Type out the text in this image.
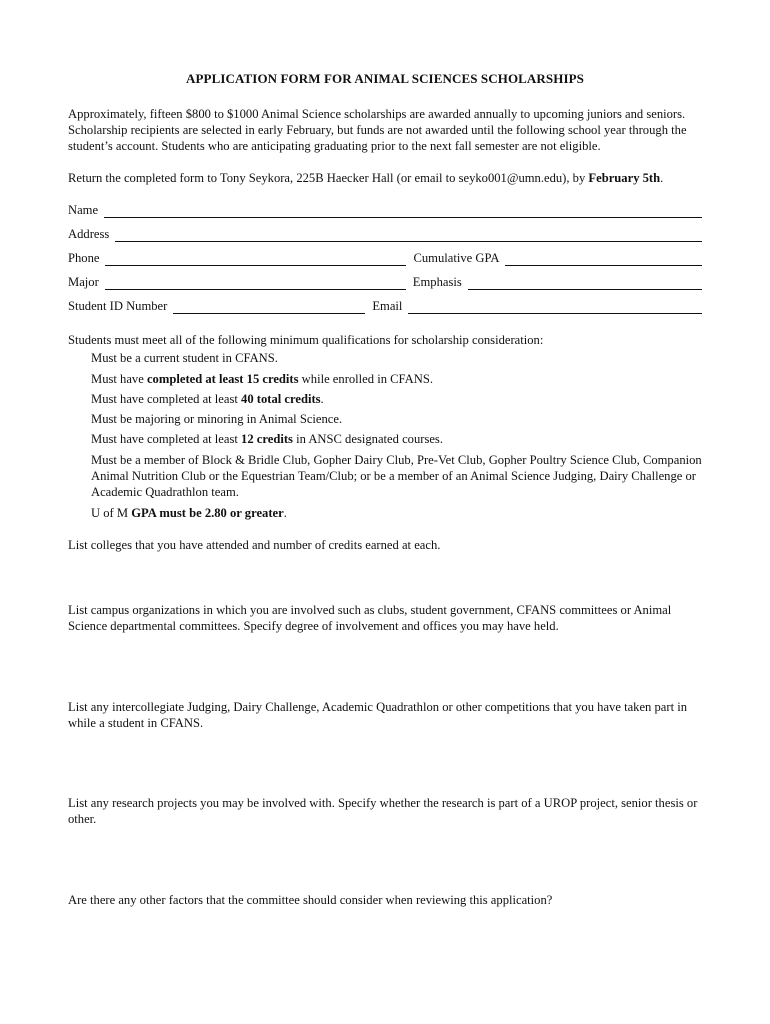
APPLICATION FORM FOR ANIMAL SCIENCES SCHOLARSHIPS
Approximately, fifteen $800 to $1000 Animal Science scholarships are awarded annually to upcoming juniors and seniors. Scholarship recipients are selected in early February, but funds are not awarded until the following school year through the student’s account. Students who are anticipating graduating prior to the next fall semester are not eligible.
Return the completed form to Tony Seykora, 225B Haecker Hall (or email to seyko001@umn.edu), by February 5th.
Name
Address
Phone	Cumulative GPA
Major	Emphasis
Student ID Number	Email
Students must meet all of the following minimum qualifications for scholarship consideration:
Must be a current student in CFANS.
Must have completed at least 15 credits while enrolled in CFANS.
Must have completed at least 40 total credits.
Must be majoring or minoring in Animal Science.
Must have completed at least 12 credits in ANSC designated courses.
Must be a member of Block & Bridle Club, Gopher Dairy Club, Pre-Vet Club, Gopher Poultry Science Club, Companion Animal Nutrition Club or the Equestrian Team/Club; or be a member of an Animal Science Judging, Dairy Challenge or Academic Quadrathlon team.
U of M GPA must be 2.80 or greater.
List colleges that you have attended and number of credits earned at each.
List campus organizations in which you are involved such as clubs, student government, CFANS committees or Animal Science departmental committees. Specify degree of involvement and offices you may have held.
List any intercollegiate Judging, Dairy Challenge, Academic Quadrathlon or other competitions that you have taken part in while a student in CFANS.
List any research projects you may be involved with. Specify whether the research is part of a UROP project, senior thesis or other.
Are there any other factors that the committee should consider when reviewing this application?
